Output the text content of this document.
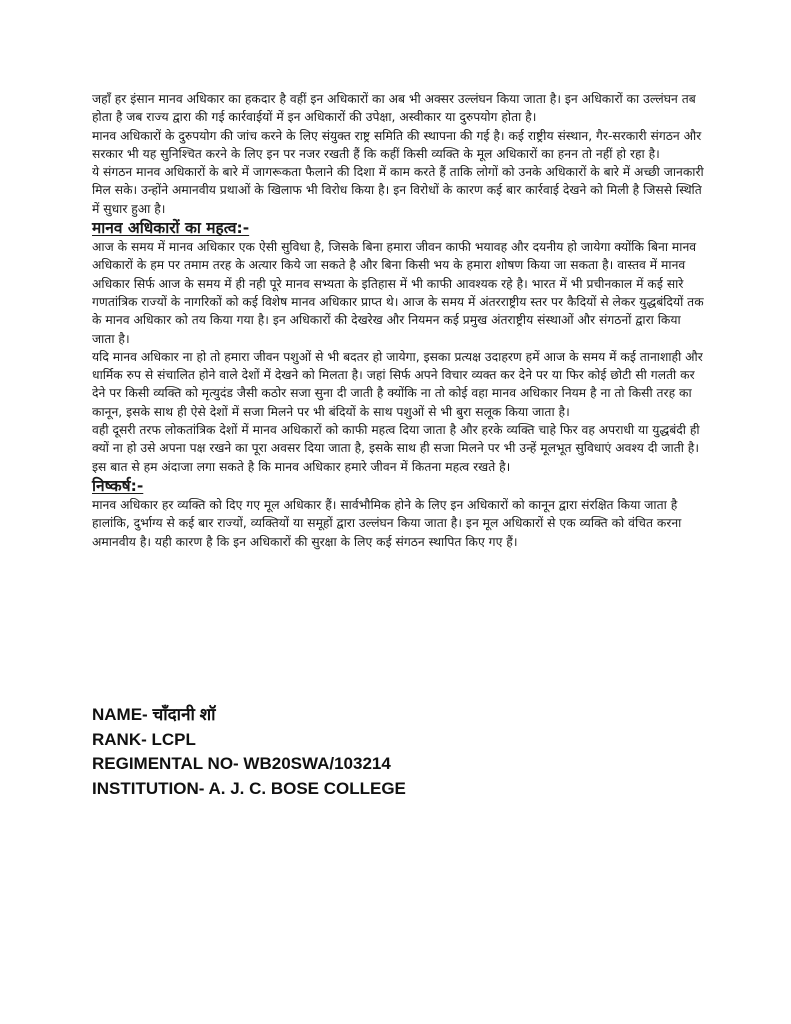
जहाँ हर इंसान मानव अधिकार का हकदार है वहीं इन अधिकारों का अब भी अक्सर उल्लंघन किया जाता है। इन अधिकारों का उल्लंघन तब होता है जब राज्य द्वारा की गई कार्रवाईयों में इन अधिकारों की उपेक्षा, अस्वीकार या दुरुपयोग होता है।

मानव अधिकारों के दुरुपयोग की जांच करने के लिए संयुक्त राष्ट्र समिति की स्थापना की गई है। कई राष्ट्रीय संस्थान, गैर-सरकारी संगठन और सरकार भी यह सुनिश्चित करने के लिए इन पर नजर रखती हैं कि कहीं किसी व्यक्ति के मूल अधिकारों का हनन तो नहीं हो रहा है।

ये संगठन मानव अधिकारों के बारे में जागरूकता फैलाने की दिशा में काम करते हैं ताकि लोगों को उनके अधिकारों के बारे में अच्छी जानकारी मिल सके। उन्होंने अमानवीय प्रथाओं के खिलाफ भी विरोध किया है। इन विरोधों के कारण कई बार कार्रवाई देखने को मिली है जिससे स्थिति में सुधार हुआ है।

मानव अधिकारों का महत्व:-

आज के समय में मानव अधिकार एक ऐसी सुविधा है, जिसके बिना हमारा जीवन काफी भयावह और दयनीय हो जायेगा क्योंकि बिना मानव अधिकारों के हम पर तमाम तरह के अत्यार किये जा सकते है और बिना किसी भय के हमारा शोषण किया जा सकता है। वास्तव में मानव अधिकार सिर्फ आज के समय में ही नही पूरे मानव सभ्यता के इतिहास में भी काफी आवश्यक रहे है। भारत में भी प्रचीनकाल में कई सारे गणतांत्रिक राज्यों के नागरिकों को कई विशेष मानव अधिकार प्राप्त थे। आज के समय में अंतरराष्ट्रीय स्तर पर कैदियों से लेकर युद्धबंदियों तक के मानव अधिकार को तय किया गया है। इन अधिकारों की देखरेख और नियमन कई प्रमुख अंतराष्ट्रीय संस्थाओं और संगठनों द्वारा किया जाता है।

यदि मानव अधिकार ना हो तो हमारा जीवन पशुओं से भी बदतर हो जायेगा, इसका प्रत्यक्ष उदाहरण हमें आज के समय में कई तानाशाही और धार्मिक रुप से संचालित होने वाले देशों में देखने को मिलता है। जहां सिर्फ अपने विचार व्यक्त कर देने पर या फिर कोई छोटी सी गलती कर देने पर किसी व्यक्ति को मृत्युदंड जैसी कठोर सजा सुना दी जाती है क्योंकि ना तो कोई वहा मानव अधिकार नियम है ना तो किसी तरह का कानून, इसके साथ ही ऐसे देशों में सजा मिलने पर भी बंदियों के साथ पशुओं से भी बुरा सलूक किया जाता है।

वही दूसरी तरफ लोकतांत्रिक देशों में मानव अधिकारों को काफी महत्व दिया जाता है और हरके व्यक्ति चाहे फिर वह अपराधी या युद्धबंदी ही क्यों ना हो उसे अपना पक्ष रखने का पूरा अवसर दिया जाता है, इसके साथ ही सजा मिलने पर भी उन्हें मूलभूत सुविधाएं अवश्य दी जाती है। इस बात से हम अंदाजा लगा सकते है कि मानव अधिकार हमारे जीवन में कितना महत्व रखते है।

निष्कर्ष:-

मानव अधिकार हर व्यक्ति को दिए गए मूल अधिकार हैं। सार्वभौमिक होने के लिए इन अधिकारों को कानून द्वारा संरक्षित किया जाता है हालांकि, दुर्भाग्य से कई बार राज्यों, व्यक्तियों या समूहों द्वारा उल्लंघन किया जाता है। इन मूल अधिकारों से एक व्यक्ति को वंचित करना अमानवीय है। यही कारण है कि इन अधिकारों की सुरक्षा के लिए कई संगठन स्थापित किए गए हैं।

NAME- चाँदानी शॉ
RANK- LCPL
REGIMENTAL NO- WB20SWA/103214
INSTITUTION- A. J. C. BOSE COLLEGE
